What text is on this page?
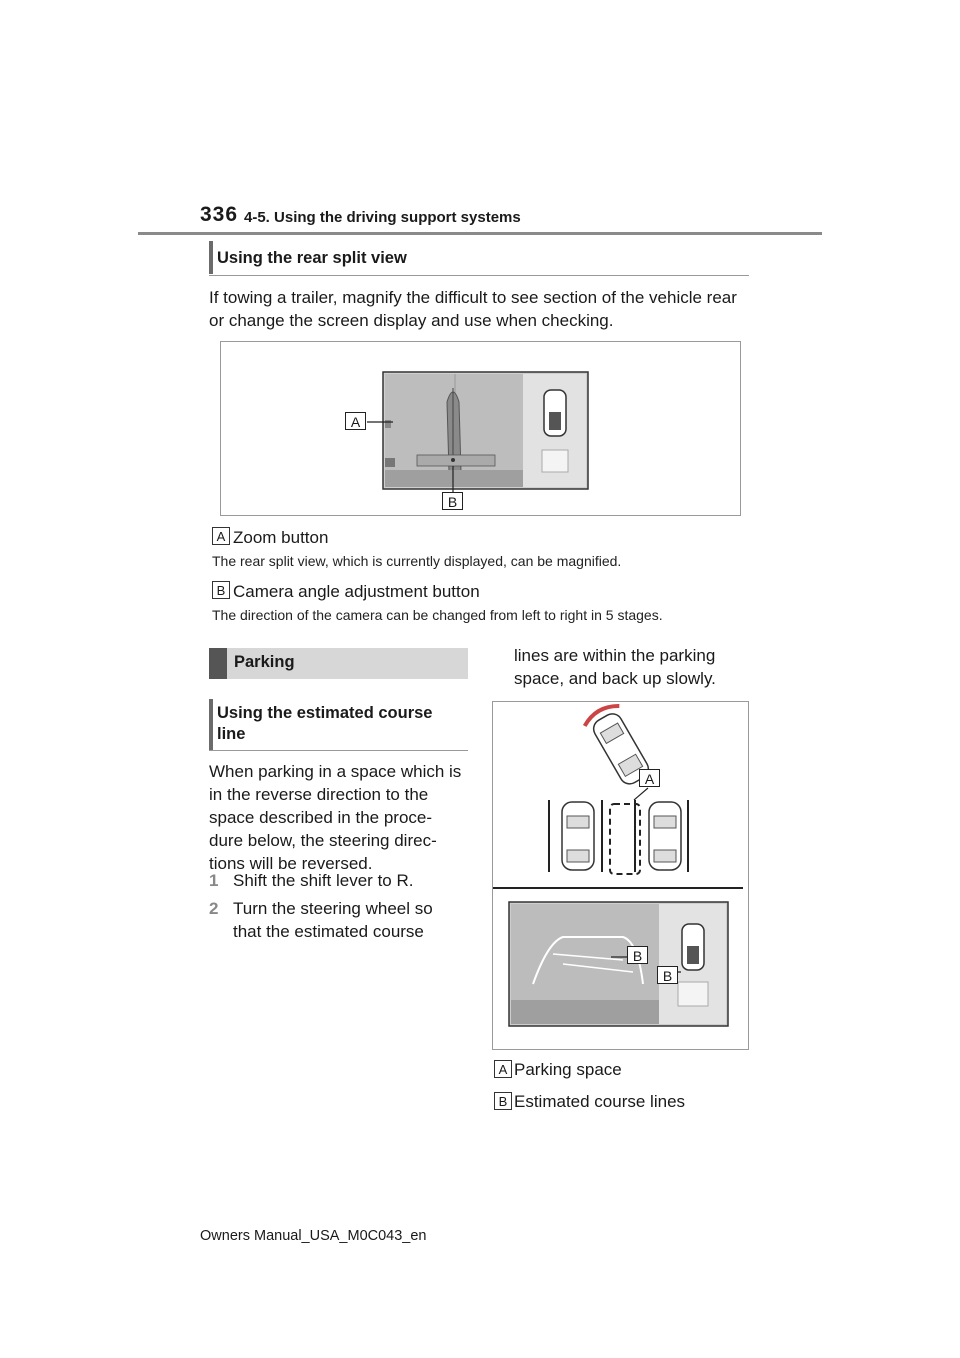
336 4-5. Using the driving support systems
Using the rear split view
If towing a trailer, magnify the difficult to see section of the vehicle rear or change the screen display and use when checking.
A
B
A Zoom button
The rear split view, which is currently displayed, can be magnified.
B Camera angle adjustment button
The direction of the camera can be changed from left to right in 5 stages.
Parking
Using the estimated course line
When parking in a space which is in the reverse direction to the space described in the proce-dure below, the steering direc-tions will be reversed.
1 Shift the shift lever to R.
2 Turn the steering wheel so that the estimated course
lines are within the parking space, and back up slowly.
A
B
B
A Parking space
B Estimated course lines
Owners Manual_USA_M0C043_en
